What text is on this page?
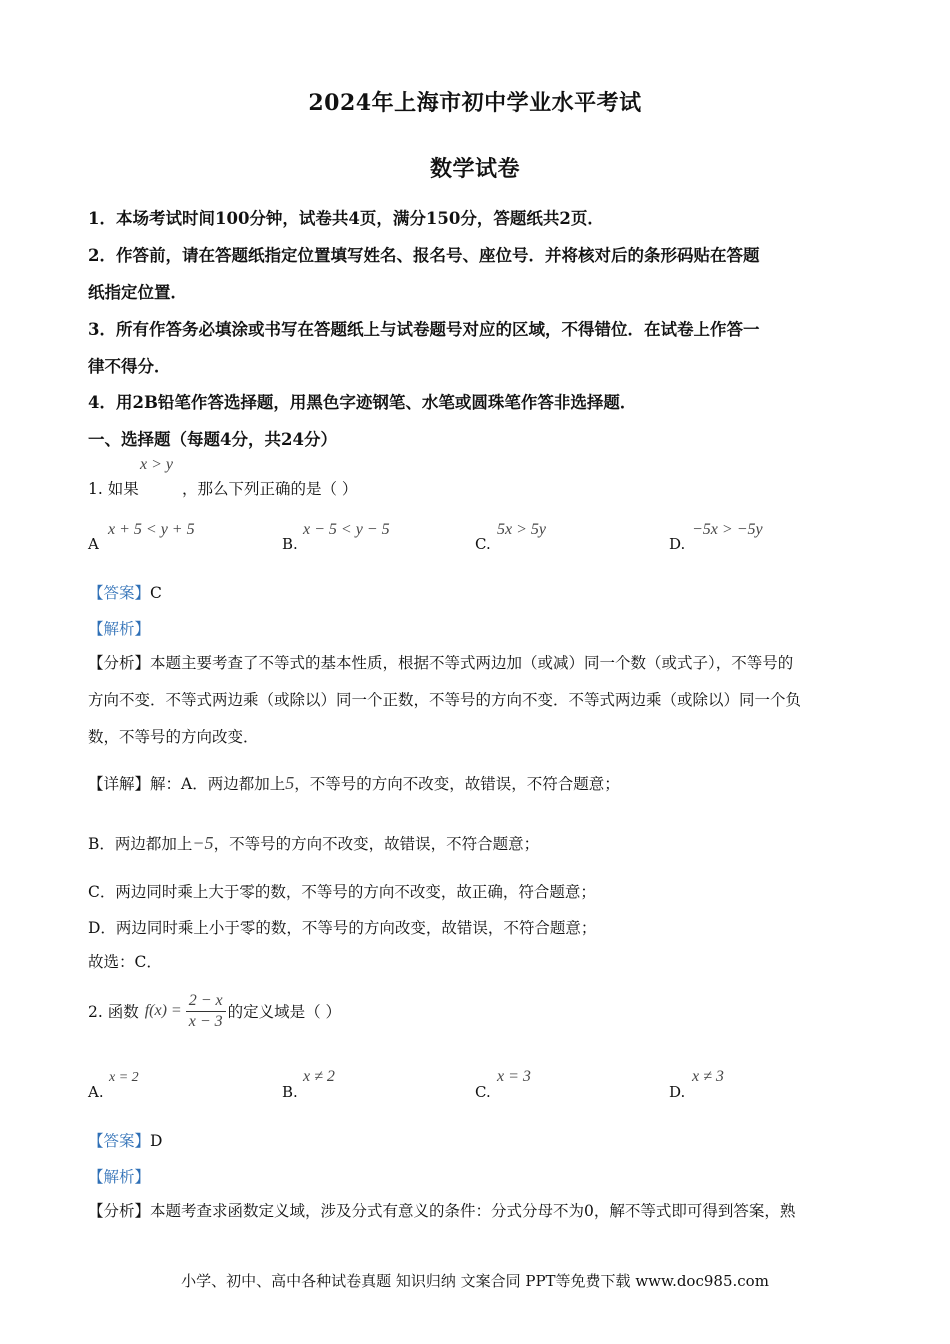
2024年上海市初中学业水平考试
数学试卷
1．本场考试时间100分钟，试卷共4页，满分150分，答题纸共2页．
2．作答前，请在答题纸指定位置填写姓名、报名号、座位号．并将核对后的条形码贴在答题
纸指定位置．
3．所有作答务必填涂或书写在答题纸上与试卷题号对应的区域，不得错位．在试卷上作答一
律不得分．
4．用2B铅笔作答选择题，用黑色字迹钢笔、水笔或圆珠笔作答非选择题．
一、选择题（每题4分，共24分）
x > y
1. 如果	，那么下列正确的是（ ）
A
x + 5 < y + 5
B.
x − 5 < y − 5
C.
5x > 5y
D.
−5x > −5y
【答案】C
【解析】
【分析】本题主要考查了不等式的基本性质，根据不等式两边加（或减）同一个数（或式子），不等号的
方向不变．不等式两边乘（或除以）同一个正数，不等号的方向不变．不等式两边乘（或除以）同一个负
数，不等号的方向改变．
【详解】解：A．两边都加上5，不等号的方向不改变，故错误，不符合题意；
B．两边都加上−5，不等号的方向不改变，故错误，不符合题意；
C．两边同时乘上大于零的数，不等号的方向不改变，故正确，符合题意；
D．两边同时乘上小于零的数，不等号的方向改变，故错误，不符合题意；
故选：C．
2. 函数 $f(x) = \frac{2 - x}{x - 3}$ 的定义域是（ ）
A.
x = 2
B.
x ≠ 2
C.
x = 3
D.
x ≠ 3
【答案】D
【解析】
【分析】本题考查求函数定义域，涉及分式有意义的条件：分式分母不为0，解不等式即可得到答案，熟
小学、初中、高中各种试卷真题 知识归纳 文案合同 PPT等免费下载 www.doc985.com
